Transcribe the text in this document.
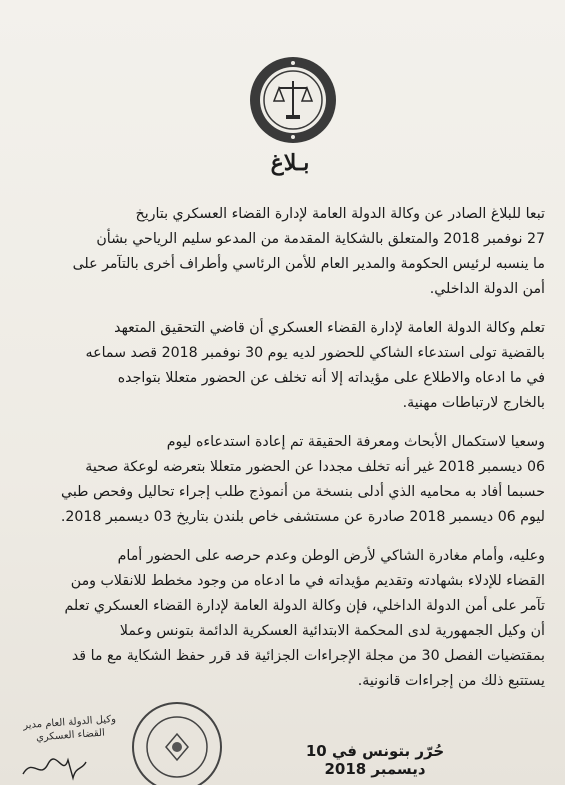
بـلاغ

تبعا للبلاغ الصادر عن وكالة الدولة العامة لإدارة القضاء العسكري بتاريخ
27 نوفمبر 2018 والمتعلق بالشكاية المقدمة من المدعو سليم الرياحي بشأن
ما ينسبه لرئيس الحكومة والمدير العام للأمن الرئاسي وأطراف أخرى بالتآمر على
أمن الدولة الداخلي.

تعلم وكالة الدولة العامة لإدارة القضاء العسكري أن قاضي التحقيق المتعهد
بالقضية تولى استدعاء الشاكي للحضور لديه يوم 30 نوفمبر 2018 قصد سماعه
في ما ادعاه والاطلاع على مؤيداته إلا أنه تخلف عن الحضور متعللا بتواجده
بالخارج لارتباطات مهنية.

وسعيا لاستكمال الأبحاث ومعرفة الحقيقة تم إعادة استدعاءه ليوم
06 ديسمبر 2018 غير أنه تخلف مجددا عن الحضور متعللا بتعرضه لوعكة صحية
حسبما أفاد به محاميه الذي أدلى بنسخة من أنموذج طلب إجراء تحاليل وفحص طبي
ليوم 06 ديسمبر 2018 صادرة عن مستشفى خاص بلندن بتاريخ 03 ديسمبر 2018.

وعليه، وأمام مغادرة الشاكي لأرض الوطن وعدم حرصه على الحضور أمام
القضاء للإدلاء بشهادته وتقديم مؤيداته في ما ادعاه من وجود مخطط للانقلاب ومن
تآمر على أمن الدولة الداخلي، فإن وكالة الدولة العامة لإدارة القضاء العسكري تعلم
أن وكيل الجمهورية لدى المحكمة الابتدائية العسكرية الدائمة بتونس وعملا
بمقتضيات الفصل 30 من مجلة الإجراءات الجزائية قد قرر حفظ الشكاية مع ما قد
يستتبع ذلك من إجراءات قانونية.

وكيل الدولة العام مدير القضاء العسكري
حُرّر بتونس في 10 ديسمبر 2018
